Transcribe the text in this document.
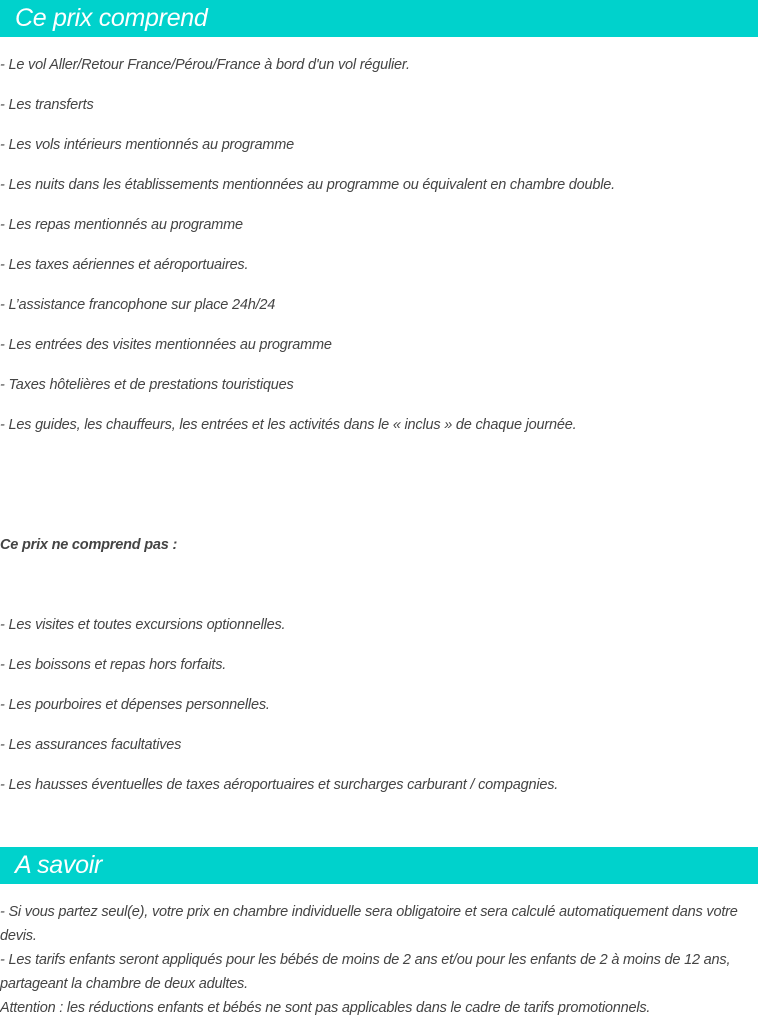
Ce prix comprend
- Le vol Aller/Retour France/Pérou/France à bord d'un vol régulier.
- Les transferts
- Les vols intérieurs mentionnés au programme
- Les nuits dans les établissements mentionnées au programme ou équivalent en chambre double.
- Les repas mentionnés au programme
- Les taxes aériennes et aéroportuaires.
- L’assistance francophone sur place 24h/24
- Les entrées des visites mentionnées au programme
- Taxes hôtelières et de prestations touristiques
- Les guides, les chauffeurs, les entrées et les activités dans le « inclus » de chaque journée.
Ce prix ne comprend pas :
- Les visites et toutes excursions optionnelles.
- Les boissons et repas hors forfaits.
- Les pourboires et dépenses personnelles.
- Les assurances facultatives
- Les hausses éventuelles de taxes aéroportuaires et surcharges carburant / compagnies.
A savoir
- Si vous partez seul(e), votre prix en chambre individuelle sera obligatoire et sera calculé automatiquement dans votre devis.
- Les tarifs enfants seront appliqués pour les bébés de moins de 2 ans et/ou pour les enfants de 2 à moins de 12 ans, partageant la chambre de deux adultes.
Attention : les réductions enfants et bébés ne sont pas applicables dans le cadre de tarifs promotionnels.
